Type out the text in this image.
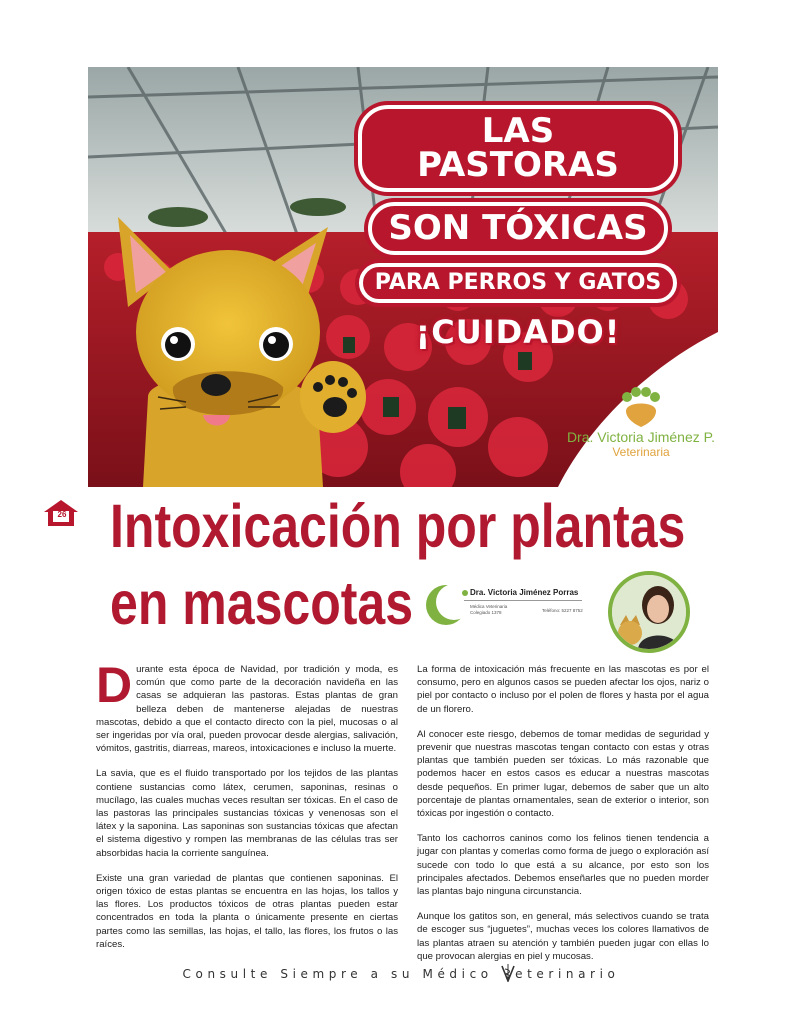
LAS PASTORAS
SON TÓXICAS
PARA PERROS Y GATOS
¡CUIDADO!
Dra. Victoria Jiménez P.
Veterinaria
26 Intoxicación por plantas
en mascotas	Dra. Victoria Jiménez Porras
Médica Veterinaria
Colegiado 1378	Teléfono: 5227 8752

Durante esta época de Navidad, por tradición y moda, es común que como parte de la decoración navideña en las casas se adquieran las pastoras. Estas plantas de gran belleza deben de mantenerse alejadas de nuestras mascotas, debido a que el contacto directo con la piel, mucosas o al ser ingeridas por vía oral, pueden provocar desde alergias, salivación, vómitos, gastritis, diarreas, mareos, intoxicaciones e incluso la muerte.

La savia, que es el fluido transportado por los tejidos de las plantas contiene sustancias como látex, cerumen, saponinas, resinas o mucílago, las cuales muchas veces resultan ser tóxicas. En el caso de las pastoras las principales sustancias tóxicas y venenosas son el látex y la saponina. Las saponinas son sustancias tóxicas que afectan el sistema digestivo y rompen las membranas de las células tras ser absorbidas hacia la corriente sanguínea.

Existe una gran variedad de plantas que contienen saponinas. El origen tóxico de estas plantas se encuentra en las hojas, los tallos y las flores. Los productos tóxicos de otras plantas pueden estar concentrados en toda la planta o únicamente presente en ciertas partes como las semillas, las hojas, el tallo, las flores, los frutos o las raíces.

La forma de intoxicación más frecuente en las mascotas es por el consumo, pero en algunos casos se pueden afectar los ojos, nariz o piel por contacto o incluso por el polen de flores y hasta por el agua de un florero.

Al conocer este riesgo, debemos de tomar medidas de seguridad y prevenir que nuestras mascotas tengan contacto con estas y otras plantas que también pueden ser tóxicas. Lo más razonable que podemos hacer en estos casos es educar a nuestras mascotas desde pequeños. En primer lugar, debemos de saber que un alto porcentaje de plantas ornamentales, sean de exterior o interior, son tóxicas por ingestión o contacto.

Tanto los cachorros caninos como los felinos tienen tendencia a jugar con plantas y comerlas como forma de juego o exploración así sucede con todo lo que está a su alcance, por esto son los principales afectados. Debemos enseñarles que no pueden morder las plantas bajo ninguna circunstancia.

Aunque los gatitos son, en general, más selectivos cuando se trata de escoger sus “juguetes”, muchas veces los colores llamativos de las plantas atraen su atención y también pueden jugar con ellas lo que provocan alergias en piel y mucosas.

Consulte Siempre a su Médico eterinario
